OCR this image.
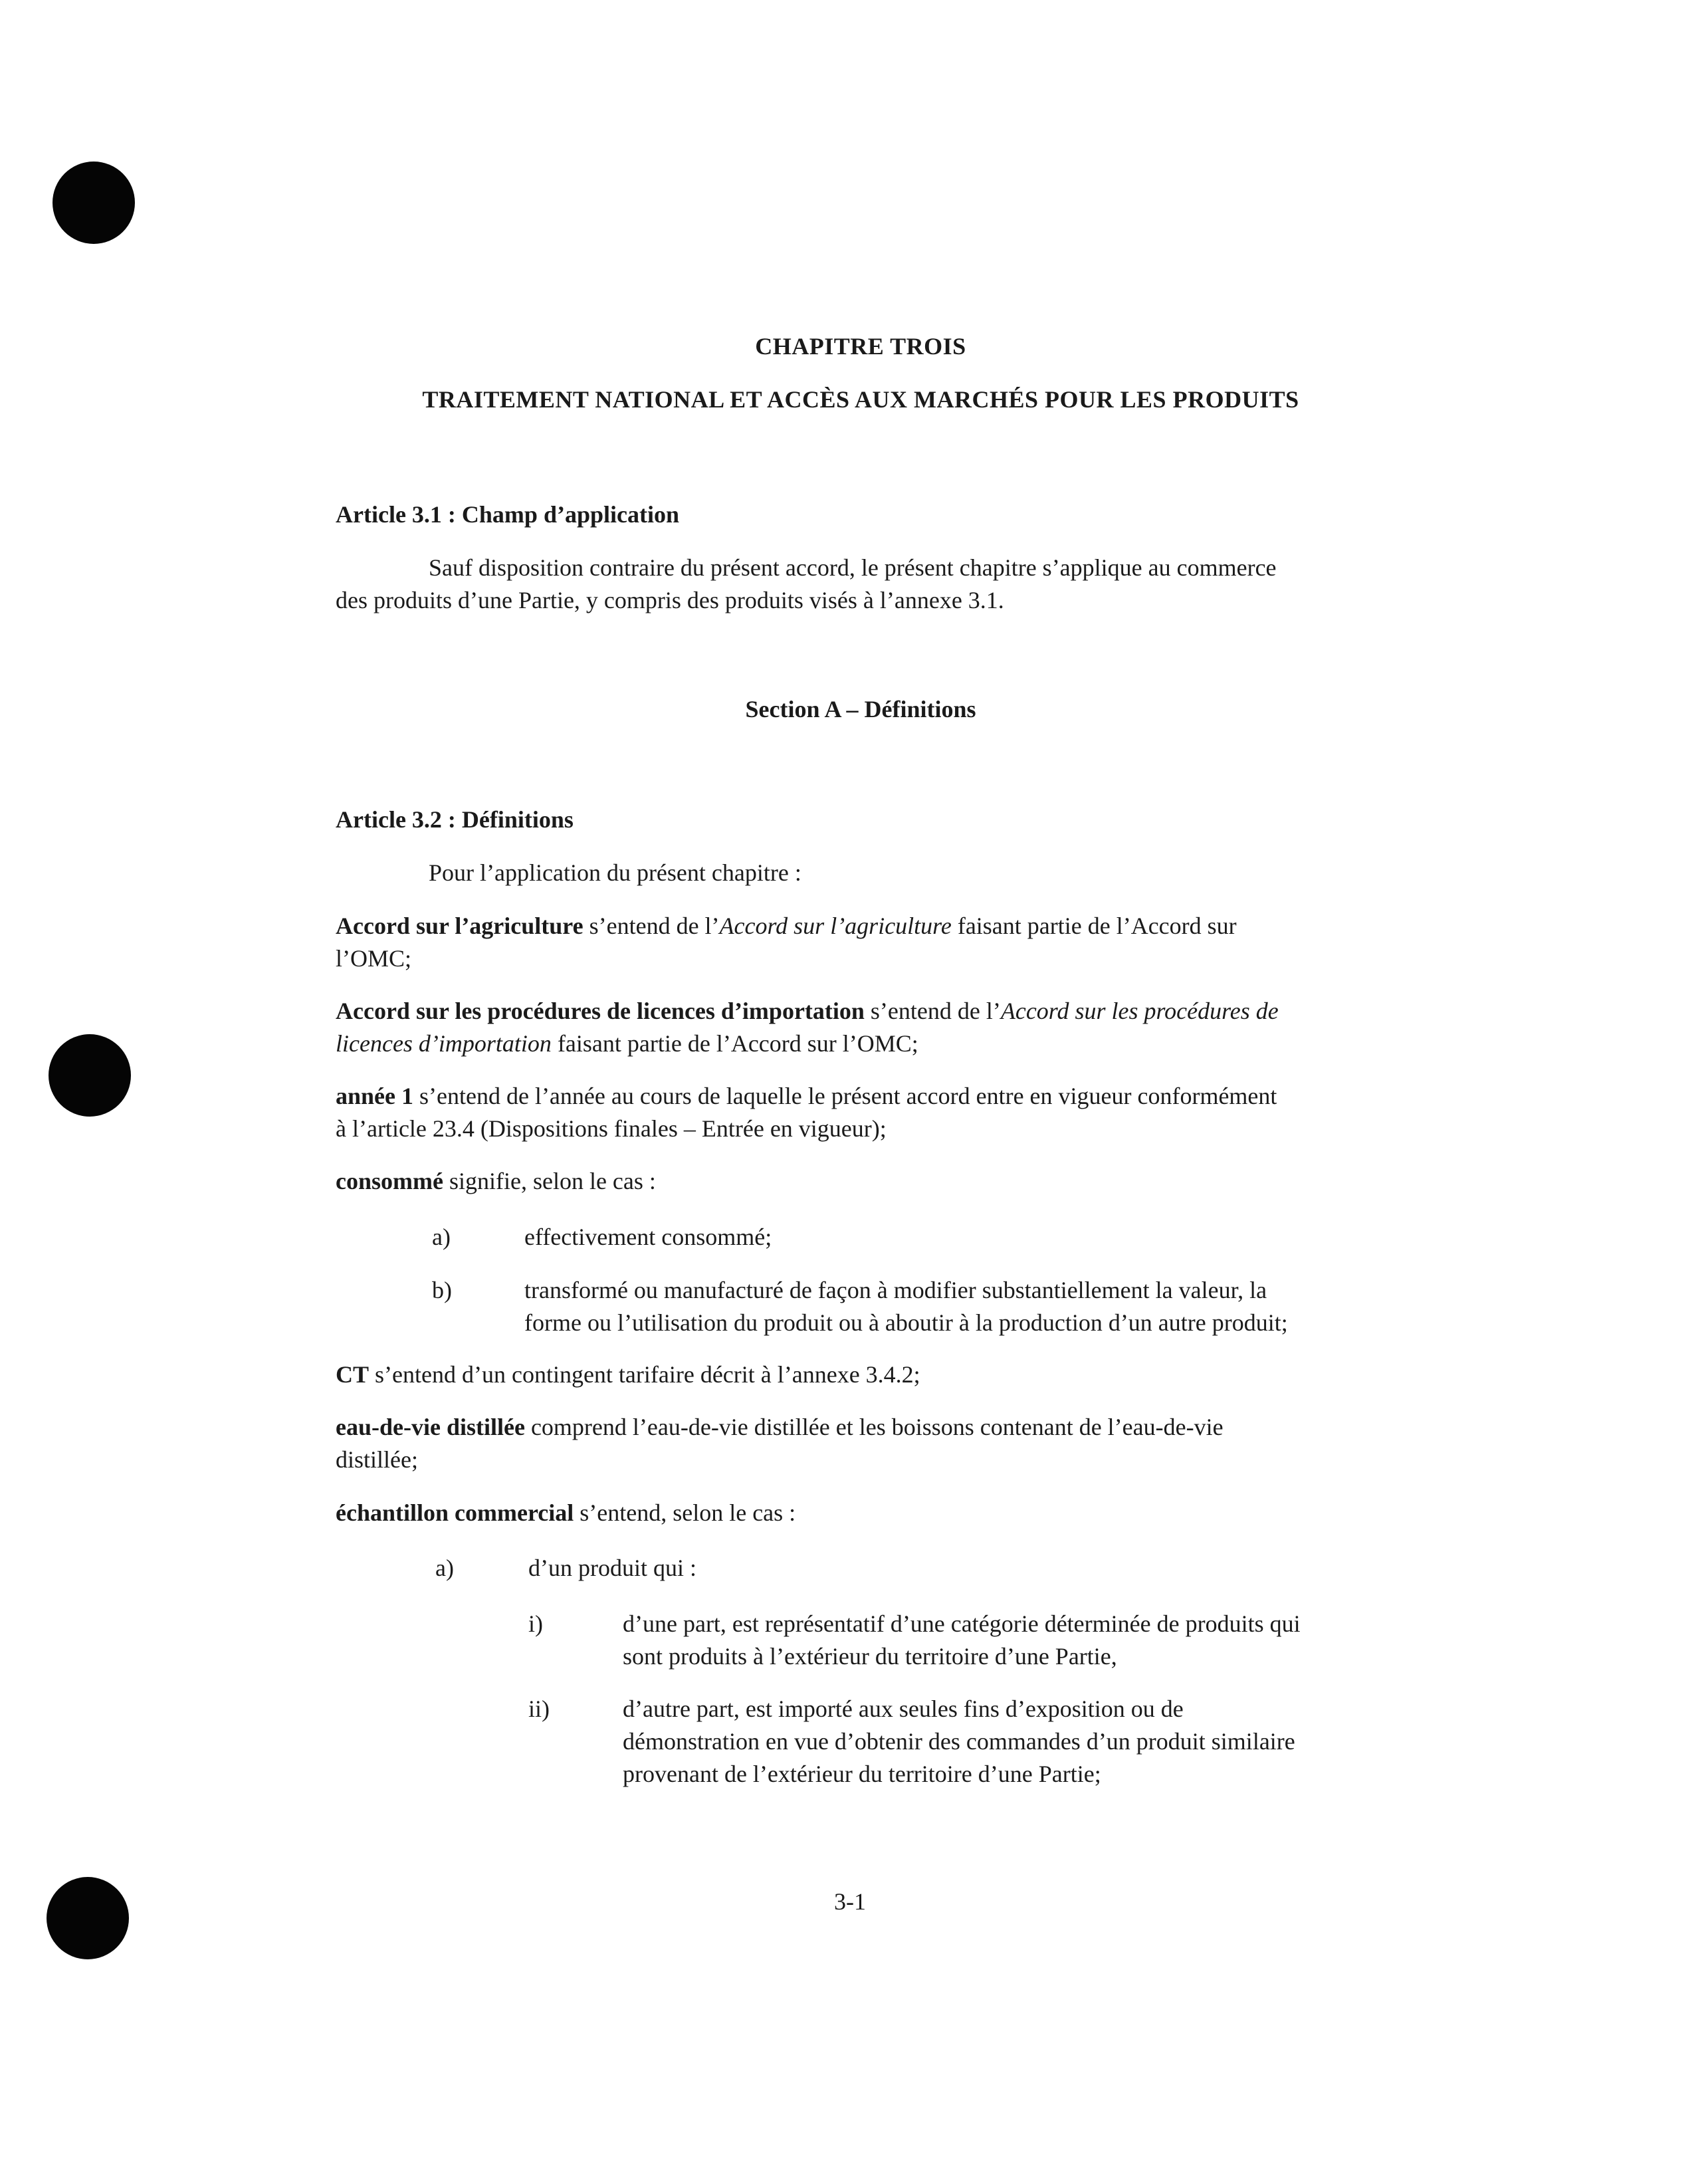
CHAPITRE TROIS
TRAITEMENT NATIONAL ET ACCÈS AUX MARCHÉS POUR LES PRODUITS
Article 3.1 : Champ d’application
Sauf disposition contraire du présent accord, le présent chapitre s’applique au commerce
des produits d’une Partie, y compris des produits visés à l’annexe 3.1.
Section A – Définitions
Article 3.2 : Définitions
Pour l’application du présent chapitre :
Accord sur l’agriculture s’entend de l’Accord sur l’agriculture faisant partie de l’Accord sur
l’OMC;
Accord sur les procédures de licences d’importation s’entend de l’Accord sur les procédures de
licences d’importation faisant partie de l’Accord sur l’OMC;
année 1 s’entend de l’année au cours de laquelle le présent accord entre en vigueur conformément
à l’article 23.4 (Dispositions finales – Entrée en vigueur);
consommé signifie, selon le cas :
a)	effectivement consommé;
b)	transformé ou manufacturé de façon à modifier substantiellement la valeur, la
forme ou l’utilisation du produit ou à aboutir à la production d’un autre produit;
CT s’entend d’un contingent tarifaire décrit à l’annexe 3.4.2;
eau-de-vie distillée comprend l’eau-de-vie distillée et les boissons contenant de l’eau-de-vie
distillée;
échantillon commercial s’entend, selon le cas :
a)	d’un produit qui :
i)	d’une part, est représentatif d’une catégorie déterminée de produits qui
sont produits à l’extérieur du territoire d’une Partie,
ii)	d’autre part, est importé aux seules fins d’exposition ou de
démonstration en vue d’obtenir des commandes d’un produit similaire
provenant de l’extérieur du territoire d’une Partie;
3-1
